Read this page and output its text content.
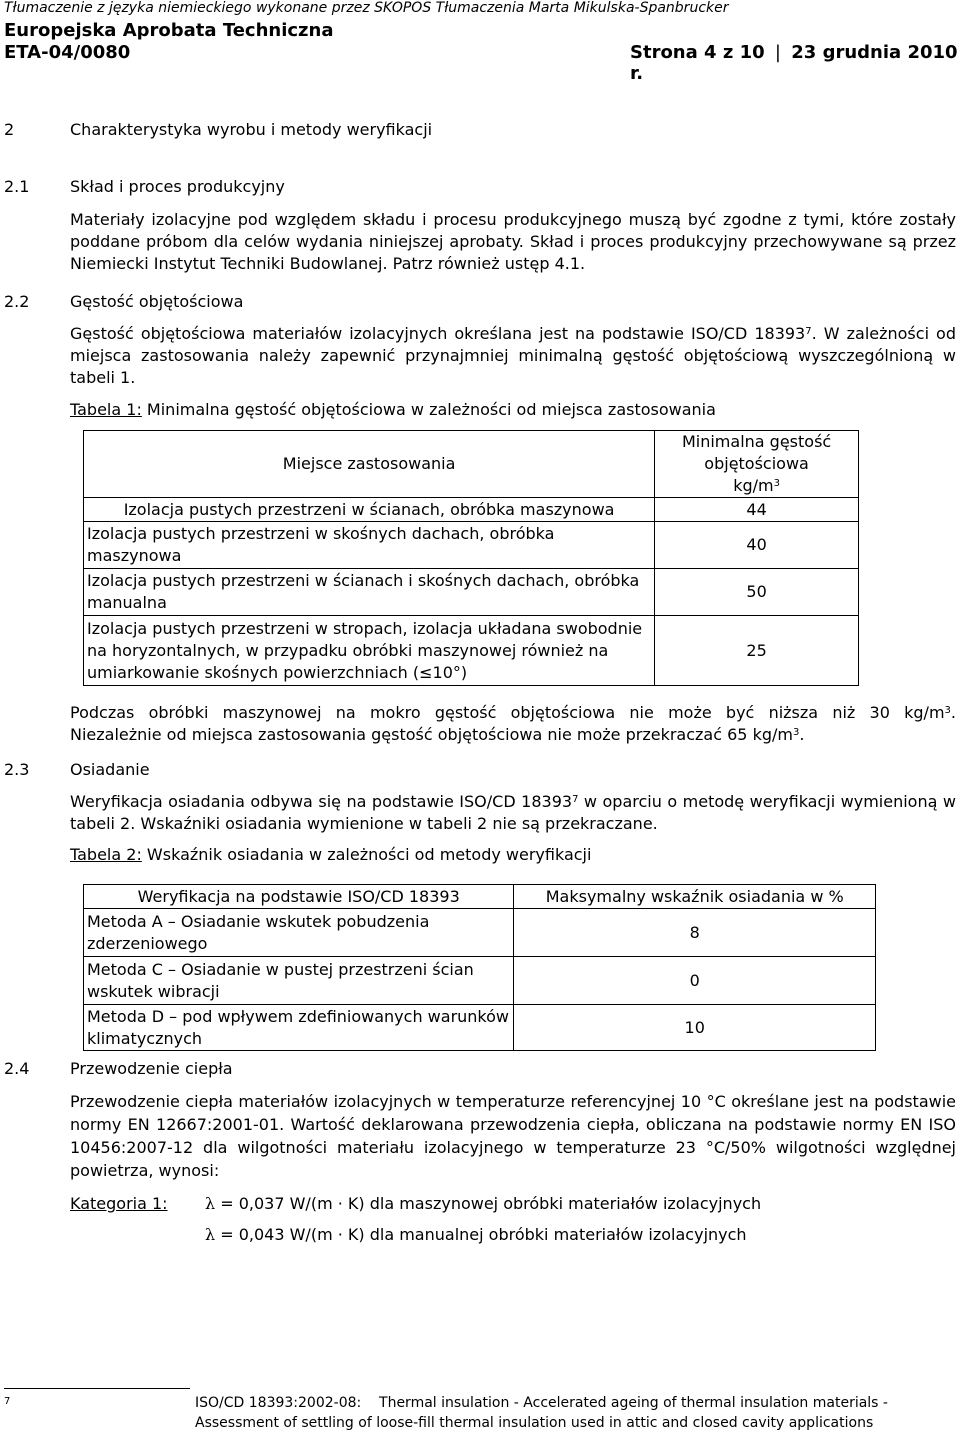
Tłumaczenie z języka niemieckiego wykonane przez SKOPOS Tłumaczenia Marta Mikulska-Spanbrucker
Europejska Aprobata Techniczna
ETA-04/0080	Strona 4 z 10 | 23 grudnia 2010 r.
2	Charakterystyka wyrobu i metody weryfikacji
2.1	Skład i proces produkcyjny
Materiały izolacyjne pod względem składu i procesu produkcyjnego muszą być zgodne z tymi, które zostały poddane próbom dla celów wydania niniejszej aprobaty. Skład i proces produkcyjny przechowywane są przez Niemiecki Instytut Techniki Budowlanej. Patrz również ustęp 4.1.
2.2	Gęstość objętościowa
Gęstość objętościowa materiałów izolacyjnych określana jest na podstawie ISO/CD 18393$^7$. W zależności od miejsca zastosowania należy zapewnić przynajmniej minimalną gęstość objętościową wyszczególnioną w tabeli 1.
Tabela 1: Minimalna gęstość objętościowa w zależności od miejsca zastosowania
Miejsce zastosowania	Minimalna gęstość objętościowa
$kg/m^3$
Izolacja pustych przestrzeni w ścianach, obróbka maszynowa	44
Izolacja pustych przestrzeni w skośnych dachach, obróbka maszynowa	40
Izolacja pustych przestrzeni w ścianach i skośnych dachach, obróbka manualna	50
Izolacja pustych przestrzeni w stropach, izolacja układana swobodnie na horyzontalnych, w przypadku obróbki maszynowej również na umiarkowanie skośnych powierzchniach (≤10°)	25
Podczas obróbki maszynowej na mokro gęstość objętościowa nie może być niższa niż 30 $kg/m^3$.
Niezależnie od miejsca zastosowania gęstość objętościowa nie może przekraczać 65 $kg/m^3$.
2.3	Osiadanie
Weryfikacja osiadania odbywa się na podstawie ISO/CD 18393$^7$ w oparciu o metodę weryfikacji wymienioną w tabeli 2. Wskaźniki osiadania wymienione w tabeli 2 nie są przekraczane.
Tabela 2: Wskaźnik osiadania w zależności od metody weryfikacji
Weryfikacja na podstawie ISO/CD 18393	Maksymalny wskaźnik osiadania w %
Metoda A – Osiadanie wskutek pobudzenia zderzeniowego	8
Metoda C – Osiadanie w pustej przestrzeni ścian wskutek wibracji	0
Metoda D – pod wpływem zdefiniowanych warunków klimatycznych	10
2.4	Przewodzenie ciepła
Przewodzenie ciepła materiałów izolacyjnych w temperaturze referencyjnej 10 °C określane jest na podstawie normy EN 12667:2001-01. Wartość deklarowana przewodzenia ciepła, obliczana na podstawie normy EN ISO 10456:2007-12 dla wilgotności materiału izolacyjnego w temperaturze 23 °C/50% wilgotności względnej powietrza, wynosi:
Kategoria 1: λ = 0,037 W/(m · K) dla maszynowej obróbki materiałów izolacyjnych
λ = 0,043 W/(m · K) dla manualnej obróbki materiałów izolacyjnych
7	ISO/CD 18393:2002-08:    Thermal insulation - Accelerated ageing of thermal insulation materials -
Assessment of settling of loose-fill thermal insulation used in attic and closed cavity applications
